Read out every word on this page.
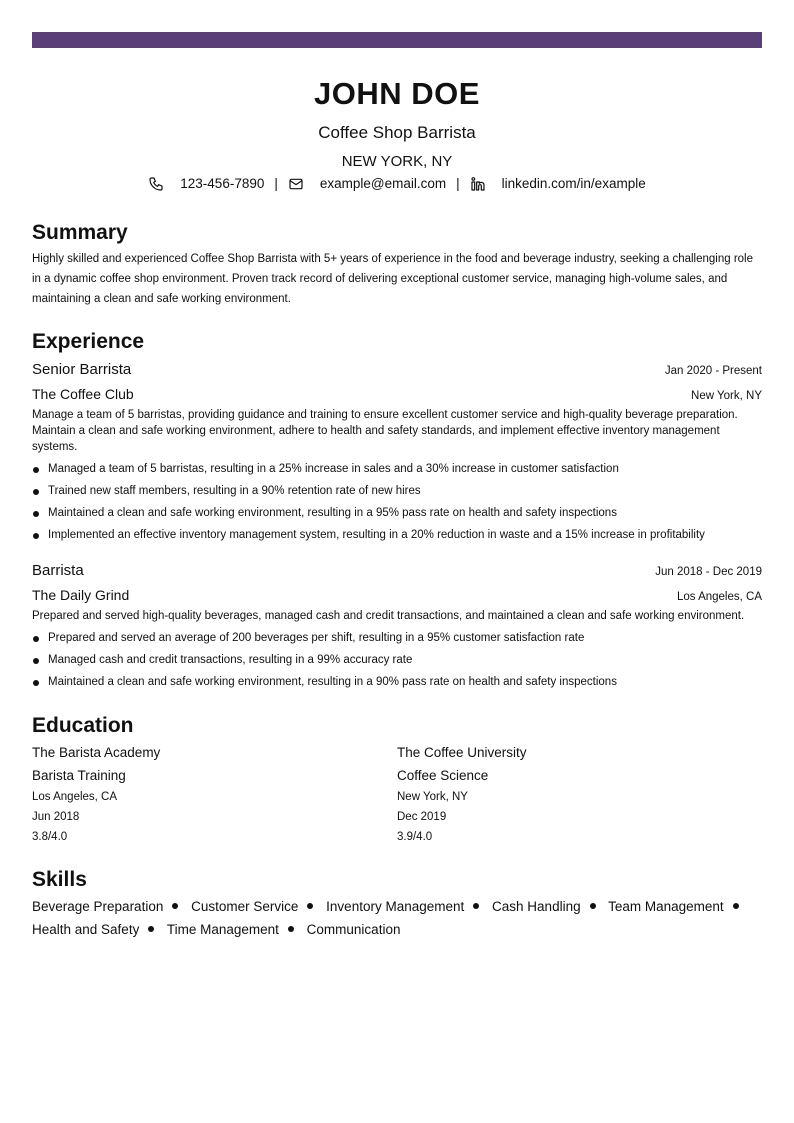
JOHN DOE
Coffee Shop Barrista
NEW YORK, NY
123-456-7890 |	example@email.com |	linkedin.com/in/example
Summary
Highly skilled and experienced Coffee Shop Barrista with 5+ years of experience in the food and beverage industry, seeking a challenging role in a dynamic coffee shop environment. Proven track record of delivering exceptional customer service, managing high-volume sales, and maintaining a clean and safe working environment.
Experience
Senior Barrista	Jan 2020 - Present
The Coffee Club	New York, NY
Manage a team of 5 barristas, providing guidance and training to ensure excellent customer service and high-quality beverage preparation. Maintain a clean and safe working environment, adhere to health and safety standards, and implement effective inventory management systems.
Managed a team of 5 barristas, resulting in a 25% increase in sales and a 30% increase in customer satisfaction
Trained new staff members, resulting in a 90% retention rate of new hires
Maintained a clean and safe working environment, resulting in a 95% pass rate on health and safety inspections
Implemented an effective inventory management system, resulting in a 20% reduction in waste and a 15% increase in profitability
Barrista	Jun 2018 - Dec 2019
The Daily Grind	Los Angeles, CA
Prepared and served high-quality beverages, managed cash and credit transactions, and maintained a clean and safe working environment.
Prepared and served an average of 200 beverages per shift, resulting in a 95% customer satisfaction rate
Managed cash and credit transactions, resulting in a 99% accuracy rate
Maintained a clean and safe working environment, resulting in a 90% pass rate on health and safety inspections
Education
The Barista Academy
Barista Training
Los Angeles, CA
Jun 2018
3.8/4.0
The Coffee University
Coffee Science
New York, NY
Dec 2019
3.9/4.0
Skills
Beverage Preparation Customer Service Inventory Management Cash Handling Team Management Health and Safety Time Management Communication
